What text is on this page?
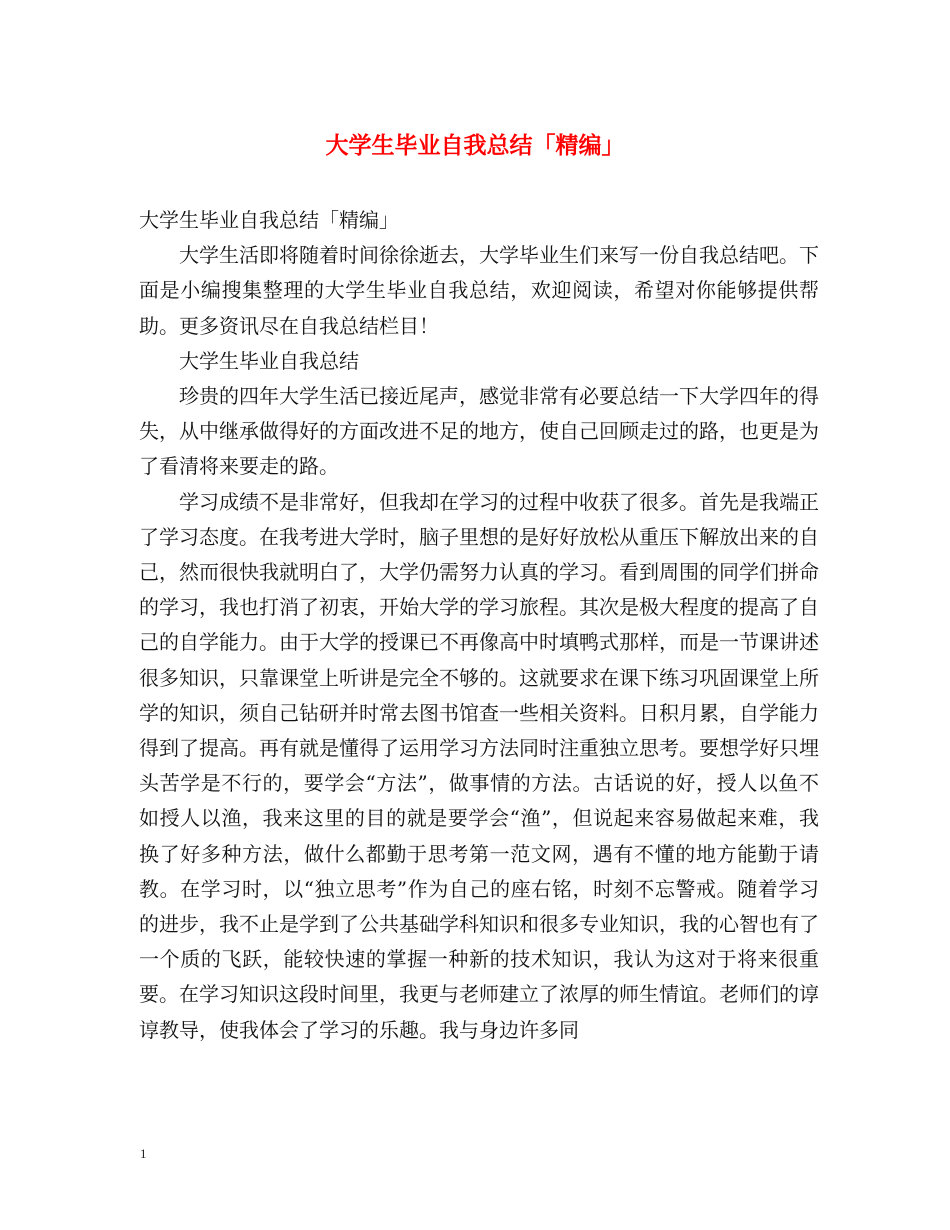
大学生毕业自我总结「精编」

大学生毕业自我总结「精编」

大学生活即将随着时间徐徐逝去，大学毕业生们来写一份自我总结吧。下面是小编搜集整理的大学生毕业自我总结，欢迎阅读，希望对你能够提供帮助。更多资讯尽在自我总结栏目！

大学生毕业自我总结

珍贵的四年大学生活已接近尾声，感觉非常有必要总结一下大学四年的得失，从中继承做得好的方面改进不足的地方，使自己回顾走过的路，也更是为了看清将来要走的路。

学习成绩不是非常好，但我却在学习的过程中收获了很多。首先是我端正了学习态度。在我考进大学时，脑子里想的是好好放松从重压下解放出来的自己，然而很快我就明白了，大学仍需努力认真的学习。看到周围的同学们拼命的学习，我也打消了初衷，开始大学的学习旅程。其次是极大程度的提高了自己的自学能力。由于大学的授课已不再像高中时填鸭式那样，而是一节课讲述很多知识，只靠课堂上听讲是完全不够的。这就要求在课下练习巩固课堂上所学的知识，须自己钻研并时常去图书馆查一些相关资料。日积月累，自学能力得到了提高。再有就是懂得了运用学习方法同时注重独立思考。要想学好只埋头苦学是不行的，要学会“方法”，做事情的方法。古话说的好，授人以鱼不如授人以渔，我来这里的目的就是要学会“渔”，但说起来容易做起来难，我换了好多种方法，做什么都勤于思考第一范文网，遇有不懂的地方能勤于请教。在学习时，以“独立思考”作为自己的座右铭，时刻不忘警戒。随着学习的进步，我不止是学到了公共基础学科知识和很多专业知识，我的心智也有了一个质的飞跃，能较快速的掌握一种新的技术知识，我认为这对于将来很重要。在学习知识这段时间里，我更与老师建立了浓厚的师生情谊。老师们的谆谆教导，使我体会了学习的乐趣。我与身边许多同

1
